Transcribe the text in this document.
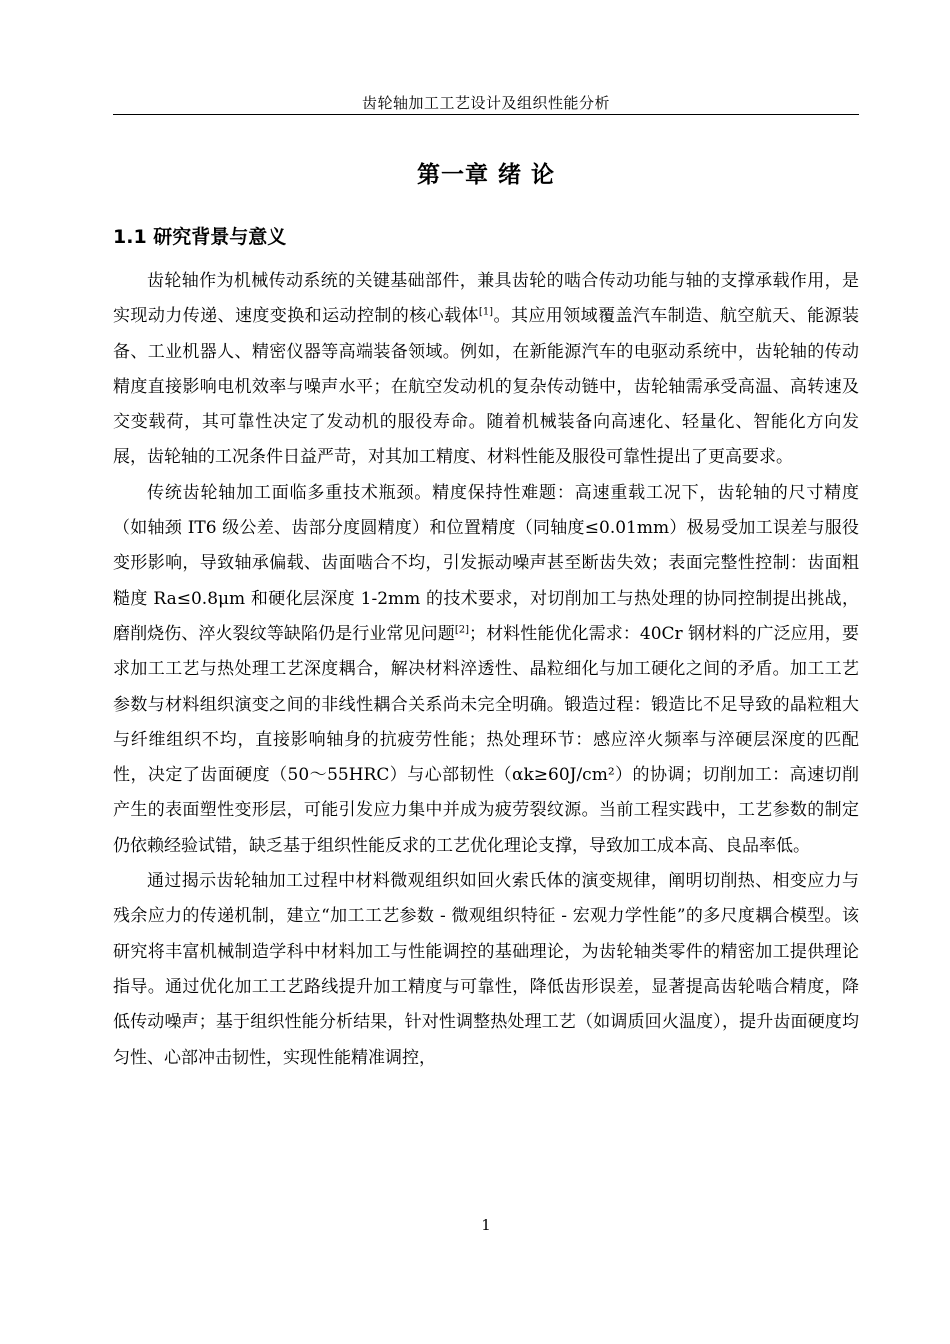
齿轮轴加工工艺设计及组织性能分析
第一章 绪 论
1.1 研究背景与意义

齿轮轴作为机械传动系统的关键基础部件，兼具齿轮的啮合传动功能与轴的支撑承载作用，是实现动力传递、速度变换和运动控制的核心载体[1]。其应用领域覆盖汽车制造、航空航天、能源装备、工业机器人、精密仪器等高端装备领域。例如，在新能源汽车的电驱动系统中，齿轮轴的传动精度直接影响电机效率与噪声水平；在航空发动机的复杂传动链中，齿轮轴需承受高温、高转速及交变载荷，其可靠性决定了发动机的服役寿命。随着机械装备向高速化、轻量化、智能化方向发展，齿轮轴的工况条件日益严苛，对其加工精度、材料性能及服役可靠性提出了更高要求。

传统齿轮轴加工面临多重技术瓶颈。精度保持性难题：高速重载工况下，齿轮轴的尺寸精度（如轴颈 IT6 级公差、齿部分度圆精度）和位置精度（同轴度≤0.01mm）极易受加工误差与服役变形影响，导致轴承偏载、齿面啮合不均，引发振动噪声甚至断齿失效；表面完整性控制：齿面粗糙度 Ra≤0.8μm 和硬化层深度 1-2mm 的技术要求，对切削加工与热处理的协同控制提出挑战，磨削烧伤、淬火裂纹等缺陷仍是行业常见问题[2]；材料性能优化需求：40Cr 钢材料的广泛应用，要求加工工艺与热处理工艺深度耦合，解决材料淬透性、晶粒细化与加工硬化之间的矛盾。加工工艺参数与材料组织演变之间的非线性耦合关系尚未完全明确。锻造过程：锻造比不足导致的晶粒粗大与纤维组织不均，直接影响轴身的抗疲劳性能；热处理环节：感应淬火频率与淬硬层深度的匹配性，决定了齿面硬度（50～55HRC）与心部韧性（αk≥60J/cm²）的协调；切削加工：高速切削产生的表面塑性变形层，可能引发应力集中并成为疲劳裂纹源。当前工程实践中，工艺参数的制定仍依赖经验试错，缺乏基于组织性能反求的工艺优化理论支撑，导致加工成本高、良品率低。

通过揭示齿轮轴加工过程中材料微观组织如回火索氏体的演变规律，阐明切削热、相变应力与残余应力的传递机制，建立“加工工艺参数 - 微观组织特征 - 宏观力学性能”的多尺度耦合模型。该研究将丰富机械制造学科中材料加工与性能调控的基础理论，为齿轮轴类零件的精密加工提供理论指导。通过优化加工工艺路线提升加工精度与可靠性，降低齿形误差，显著提高齿轮啮合精度，降低传动噪声；基于组织性能分析结果，针对性调整热处理工艺（如调质回火温度），提升齿面硬度均匀性、心部冲击韧性，实现性能精准调控，

1
